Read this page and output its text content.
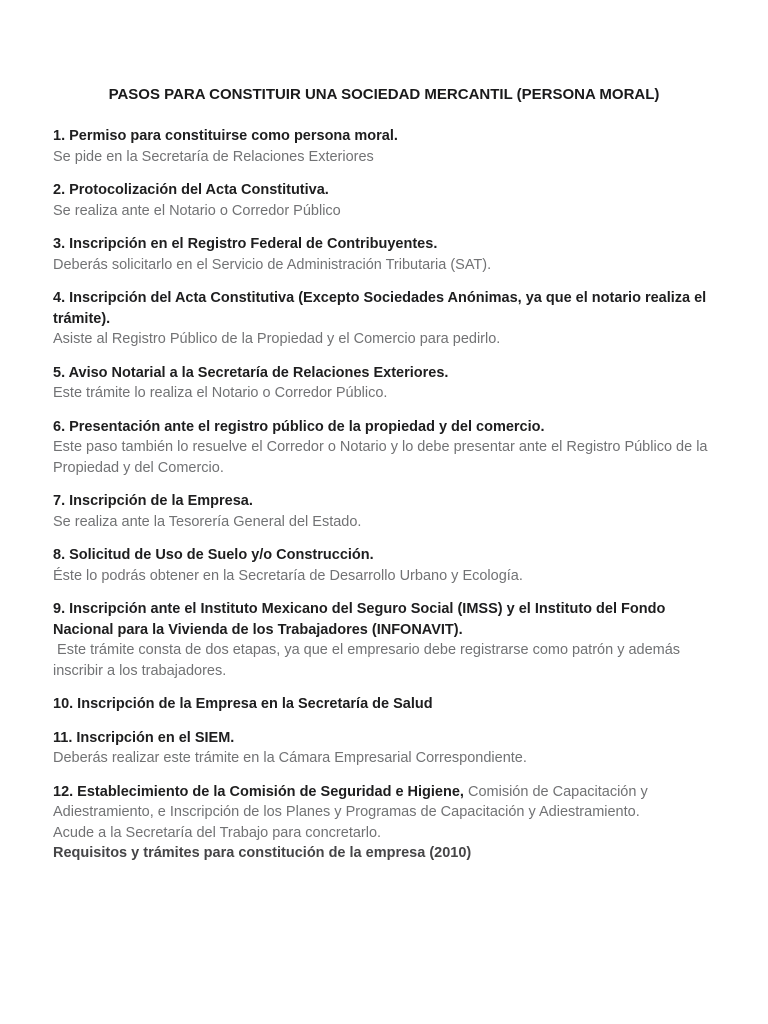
PASOS PARA CONSTITUIR UNA SOCIEDAD MERCANTIL (PERSONA MORAL)

1. Permiso para constituirse como persona moral.

Se pide en la Secretaría de Relaciones Exteriores

2. Protocolización del Acta Constitutiva.

Se realiza ante el Notario o Corredor Público

3. Inscripción en el Registro Federal de Contribuyentes.

Deberás solicitarlo en el Servicio de Administración Tributaria (SAT).

4. Inscripción del Acta Constitutiva (Excepto Sociedades Anónimas, ya que el notario realiza el trámite).

Asiste al Registro Público de la Propiedad y el Comercio para pedirlo.

5. Aviso Notarial a la Secretaría de Relaciones Exteriores.

Este trámite lo realiza el Notario o Corredor Público.

6. Presentación ante el registro público de la propiedad y del comercio.

Este paso también lo resuelve el Corredor o Notario y lo debe presentar ante el Registro Público de la Propiedad y del Comercio.

7. Inscripción de la Empresa.

Se realiza ante la Tesorería General del Estado.

8. Solicitud de Uso de Suelo y/o Construcción.

Éste lo podrás obtener en la Secretaría de Desarrollo Urbano y Ecología.

9. Inscripción ante el Instituto Mexicano del Seguro Social (IMSS) y el Instituto del Fondo Nacional para la Vivienda de los Trabajadores (INFONAVIT).

Este trámite consta de dos etapas, ya que el empresario debe registrarse como patrón y además inscribir a los trabajadores.

10. Inscripción de la Empresa en la Secretaría de Salud

11. Inscripción en el SIEM.

Deberás realizar este trámite en la Cámara Empresarial Correspondiente.

12. Establecimiento de la Comisión de Seguridad e Higiene, Comisión de Capacitación y Adiestramiento, e Inscripción de los Planes y Programas de Capacitación y Adiestramiento.

Acude a la Secretaría del Trabajo para concretarlo.

Requisitos y trámites para constitución de la empresa (2010)
